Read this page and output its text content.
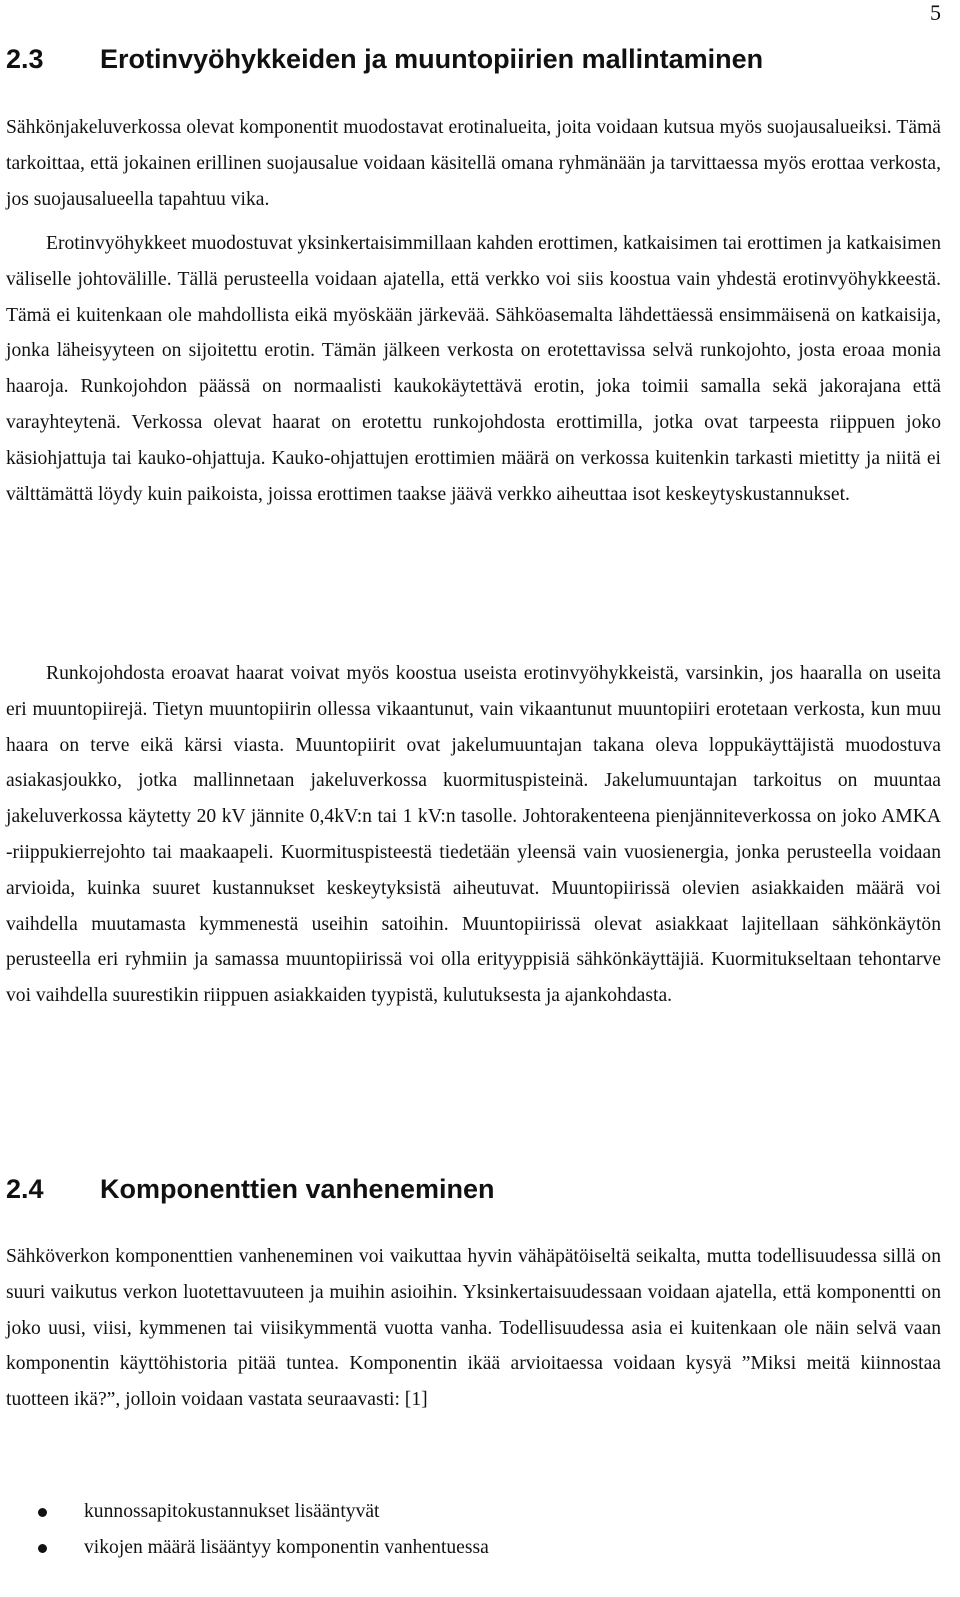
5
2.3 Erotinvyöhykkeiden ja muuntopiirien mallintaminen

Sähkönjakeluverkossa olevat komponentit muodostavat erotinalueita, joita voidaan kutsua myös suojausalueiksi. Tämä tarkoittaa, että jokainen erillinen suojausalue voidaan käsitellä omana ryhmänään ja tarvittaessa myös erottaa verkosta, jos suojausalueella tapahtuu vika.

Erotinvyöhykkeet muodostuvat yksinkertaisimmillaan kahden erottimen, katkaisimen tai erottimen ja katkaisimen väliselle johtovälille. Tällä perusteella voidaan ajatella, että verkko voi siis koostua vain yhdestä erotinvyöhykkeestä. Tämä ei kuitenkaan ole mahdollista eikä myöskään järkevää. Sähköasemalta lähdettäessä ensimmäisenä on katkaisija, jonka läheisyyteen on sijoitettu erotin. Tämän jälkeen verkosta on erotettavissa selvä runkojohto, josta eroaa monia haaroja. Runkojohdon päässä on normaalisti kaukokäytettävä erotin, joka toimii samalla sekä jakorajana että varayhteytenä. Verkossa olevat haarat on erotettu runkojohdosta erottimilla, jotka ovat tarpeesta riippuen joko käsiohjattuja tai kauko-ohjattuja. Kauko-ohjattujen erottimien määrä on verkossa kuitenkin tarkasti mietitty ja niitä ei välttämättä löydy kuin paikoista, joissa erottimen taakse jäävä verkko aiheuttaa isot keskeytyskustannukset.

Runkojohdosta eroavat haarat voivat myös koostua useista erotinvyöhykkeistä, varsinkin, jos haaralla on useita eri muuntopiirejä. Tietyn muuntopiirin ollessa vikaantunut, vain vikaantunut muuntopiiri erotetaan verkosta, kun muu haara on terve eikä kärsi viasta. Muuntopiirit ovat jakelumuuntajan takana oleva loppukäyttäjistä muodostuva asiakasjoukko, jotka mallinnetaan jakeluverkossa kuormituspisteinä. Jakelumuuntajan tarkoitus on muuntaa jakeluverkossa käytetty 20 kV jännite 0,4kV:n tai 1 kV:n tasolle. Johtorakenteena pienjänniteverkossa on joko AMKA -riippukierrejohto tai maakaapeli. Kuormituspisteestä tiedetään yleensä vain vuosienergia, jonka perusteella voidaan arvioida, kuinka suuret kustannukset keskeytyksistä aiheutuvat. Muuntopiirissä olevien asiakkaiden määrä voi vaihdella muutamasta kymmenestä useihin satoihin. Muuntopiirissä olevat asiakkaat lajitellaan sähkönkäytön perusteella eri ryhmiin ja samassa muuntopiirissä voi olla erityyppisiä sähkönkäyttäjiä. Kuormitukseltaan tehontarve voi vaihdella suurestikin riippuen asiakkaiden tyypistä, kulutuksesta ja ajankohdasta.

2.4 Komponenttien vanheneminen

Sähköverkon komponenttien vanheneminen voi vaikuttaa hyvin vähäpätöiseltä seikalta, mutta todellisuudessa sillä on suuri vaikutus verkon luotettavuuteen ja muihin asioihin. Yksinkertaisuudessaan voidaan ajatella, että komponentti on joko uusi, viisi, kymmenen tai viisikymmentä vuotta vanha. Todellisuudessa asia ei kuitenkaan ole näin selvä vaan komponentin käyttöhistoria pitää tuntea. Komponentin ikää arvioitaessa voidaan kysyä ”Miksi meitä kiinnostaa tuotteen ikä?”, jolloin voidaan vastata seuraavasti: [1]

kunnossapitokustannukset lisääntyvät
vikojen määrä lisääntyy komponentin vanhentuessa
